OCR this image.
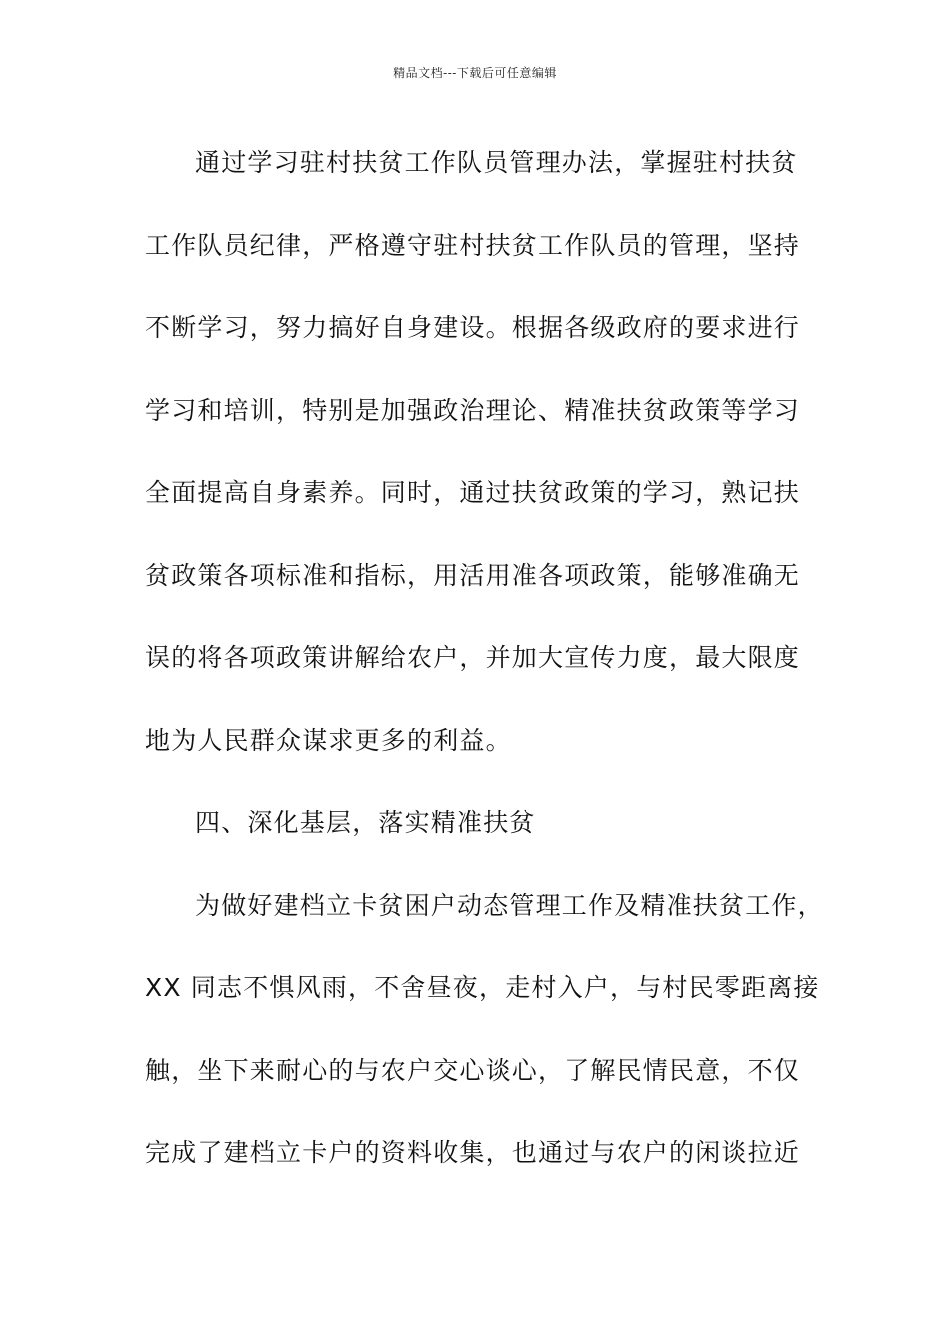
精品文档---下载后可任意编辑
通过学习驻村扶贫工作队员管理办法，掌握驻村扶贫
工作队员纪律，严格遵守驻村扶贫工作队员的管理，坚持
不断学习，努力搞好自身建设。根据各级政府的要求进行
学习和培训，特别是加强政治理论、精准扶贫政策等学习
全面提高自身素养。同时，通过扶贫政策的学习，熟记扶
贫政策各项标准和指标，用活用准各项政策，能够准确无
误的将各项政策讲解给农户，并加大宣传力度，最大限度
地为人民群众谋求更多的利益。
四、深化基层，落实精准扶贫
为做好建档立卡贫困户动态管理工作及精准扶贫工作，
XX 同志不惧风雨，不舍昼夜，走村入户，与村民零距离接
触，坐下来耐心的与农户交心谈心，了解民情民意，不仅
完成了建档立卡户的资料收集，也通过与农户的闲谈拉近
